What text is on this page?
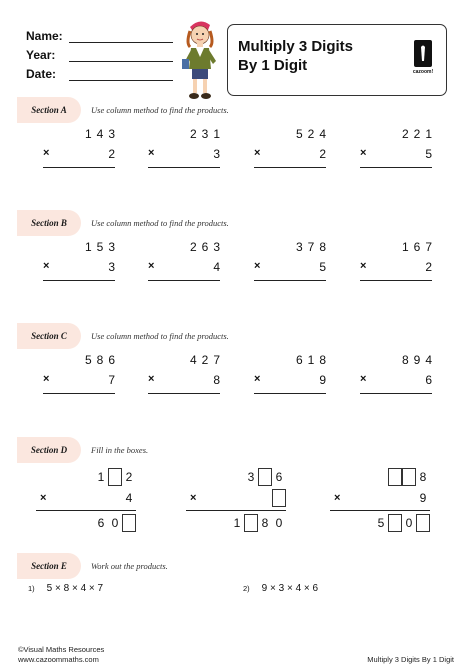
Name:
Year:
Date:
Multiply 3 Digits
By 1 Digit	cazoom!
Section A	Use column method to find the products.
143
×	2
231
×	3
524
×	2
221
×	5
Section B	Use column method to find the products.
153
×	3
263
×	4
378
×	5
167
×	2
Section C	Use column method to find the products.
586
×	7
427
×	8
618
×	9
894
×	6
Section D	Fill in the boxes.
1	2
×	4
6 0
3	6
×
1	8 0
8
×	9
5	0
Section E	Work out the products.
1) 5 × 8 × 4 × 7	2) 9 × 3 × 4 × 6
©Visual Maths Resources
www.cazoommaths.com	Multiply 3 Digits By 1 Digit
